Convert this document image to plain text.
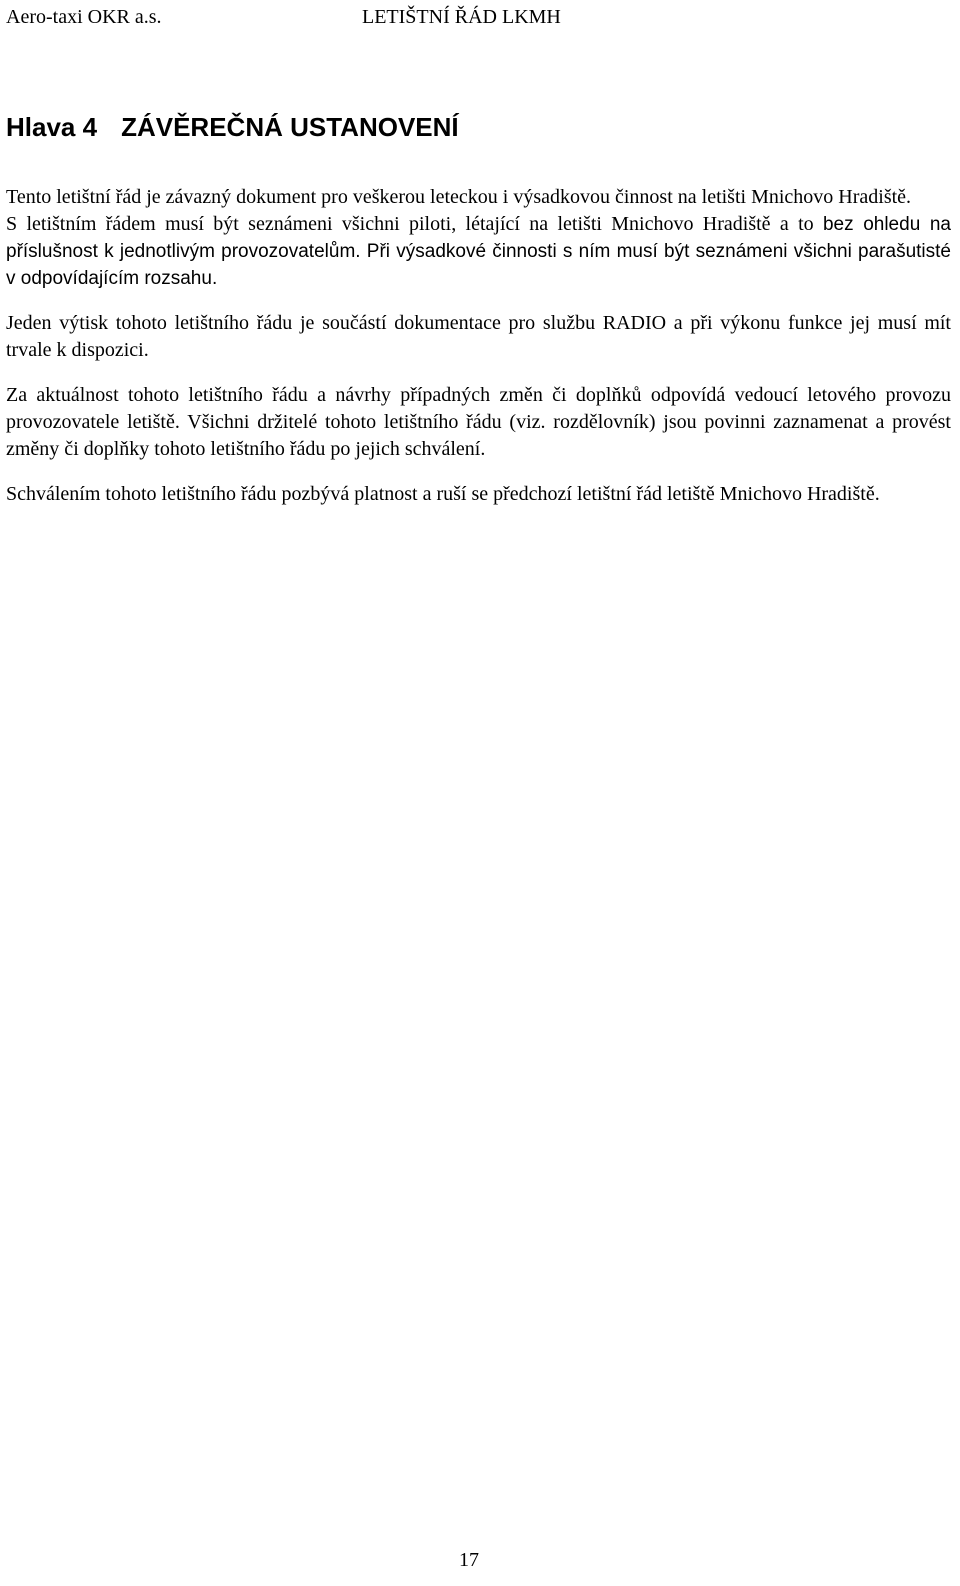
Aero-taxi OKR a.s.	LETIŠTNÍ ŘÁD LKMH
Hlava 4 ZÁVĚREČNÁ USTANOVENÍ

Tento letištní řád je závazný dokument pro veškerou leteckou i výsadkovou činnost na letišti Mnichovo Hradiště.

S letištním řádem musí být seznámeni všichni piloti, létající na letišti Mnichovo Hradiště a to bez ohledu na příslušnost k jednotlivým provozovatelům. Při výsadkové činnosti s ním musí být seznámeni všichni parašutisté v odpovídajícím rozsahu.

Jeden výtisk tohoto letištního řádu je součástí dokumentace pro službu RADIO a při výkonu funkce jej musí mít trvale k dispozici.

Za aktuálnost tohoto letištního řádu a návrhy případných změn či doplňků odpovídá vedoucí letového provozu provozovatele letiště. Všichni držitelé tohoto letištního řádu (viz. rozdělovník) jsou povinni zaznamenat a provést změny či doplňky tohoto letištního řádu po jejich schválení.

Schválením tohoto letištního řádu pozbývá platnost a ruší se předchozí letištní řád letiště Mnichovo Hradiště.

17
